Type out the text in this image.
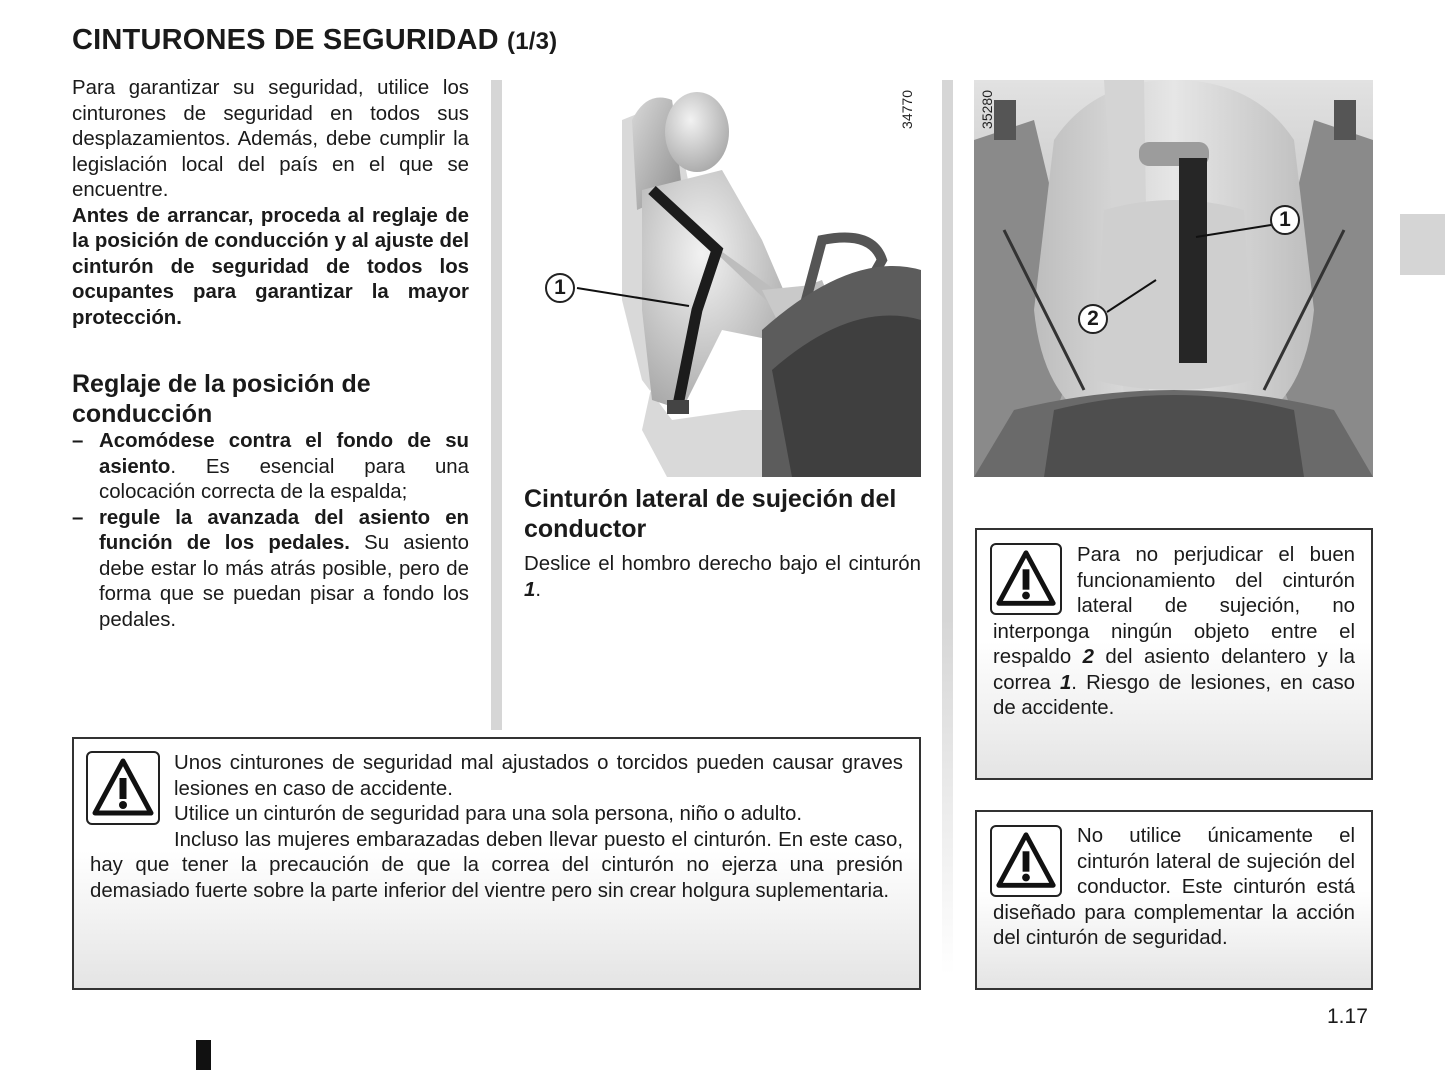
CINTURONES DE SEGURIDAD (1/3)

Para garantizar su seguridad, utilice los cinturones de seguridad en todos sus desplazamientos. Además, debe cumplir la legislación local del país en el que se encuentre.

Antes de arrancar, proceda al reglaje de la posición de conducción y al ajuste del cinturón de seguridad de todos los ocupantes para garantizar la mayor protección.

Reglaje de la posición de conducción

– Acomódese contra el fondo de su asiento. Es esencial para una colocación correcta de la espalda;
– regule la avanzada del asiento en función de los pedales. Su asiento debe estar lo más atrás posible, pero de forma que se puedan pisar a fondo los pedales.
34770
1
35280
1
2

Cinturón lateral de sujeción del conductor

Deslice el hombro derecho bajo el cinturón 1.

Unos cinturones de seguridad mal ajustados o torcidos pueden causar graves lesiones en caso de accidente.

Utilice un cinturón de seguridad para una sola persona, niño o adulto.

Incluso las mujeres embarazadas deben llevar puesto el cinturón. En este caso, hay que tener la precaución de que la correa del cinturón no ejerza una presión demasiado fuerte sobre la parte inferior del vientre pero sin crear holgura suplementaria.

Para no perjudicar el buen funcionamiento del cinturón lateral de sujeción, no interponga ningún objeto entre el respaldo 2 del asiento delantero y la correa 1. Riesgo de lesiones, en caso de accidente.

No utilice únicamente el cinturón lateral de sujeción del conductor. Este cinturón está diseñado para complementar la acción del cinturón de seguridad.

1.17
